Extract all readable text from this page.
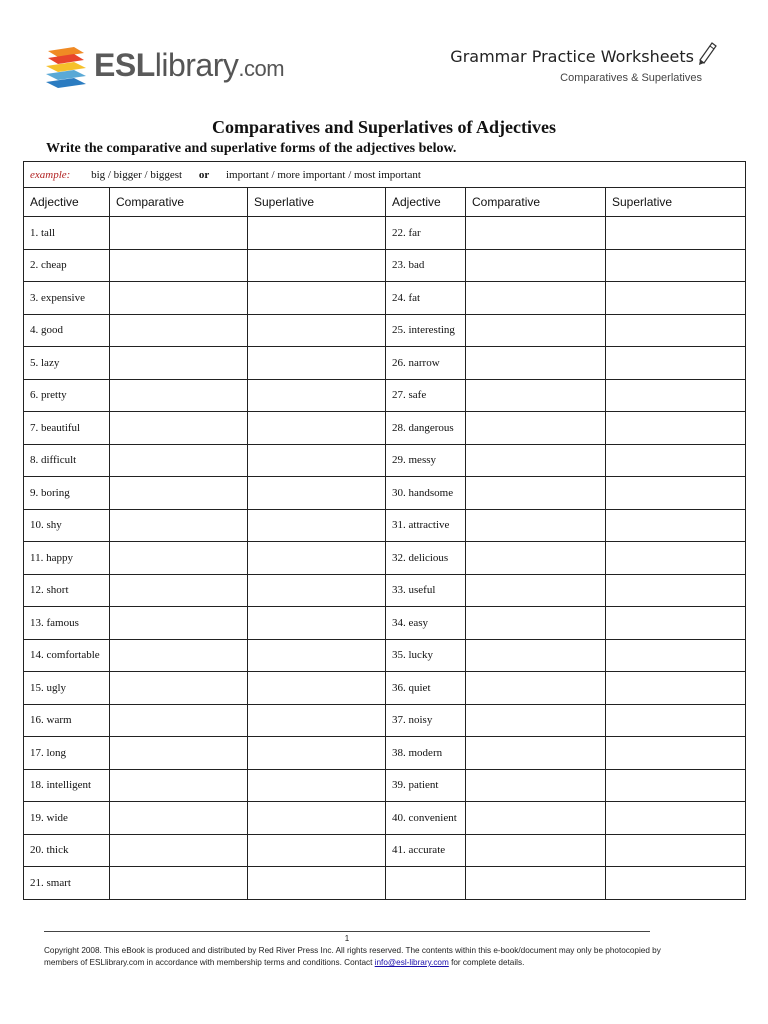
ESLlibrary.com	Grammar Practice Worksheets
Comparatives & Superlatives
Comparatives and Superlatives of Adjectives
Write the comparative and superlative forms of the adjectives below.
example: big / bigger / biggest or important / more important / most important					
Adjective	Comparative	Superlative	Adjective	Comparative	Superlative
1. tall			22. far		
2. cheap			23. bad		
3. expensive			24. fat		
4. good			25. interesting		
5. lazy			26. narrow		
6. pretty			27. safe		
7. beautiful			28. dangerous		
8. difficult			29. messy		
9. boring			30. handsome		
10. shy			31. attractive		
11. happy			32. delicious		
12. short			33. useful		
13. famous			34. easy		
14. comfortable			35. lucky		
15. ugly			36. quiet		
16. warm			37. noisy		
17. long			38. modern		
18. intelligent			39. patient		
19. wide			40. convenient		
20. thick			41. accurate		
21. smart					
1
Copyright 2008. This eBook is produced and distributed by Red River Press Inc. All rights reserved. The contents within this e-book/document may only be photocopied by members of ESLlibrary.com in accordance with membership terms and conditions. Contact info@esl-library.com for complete details.
